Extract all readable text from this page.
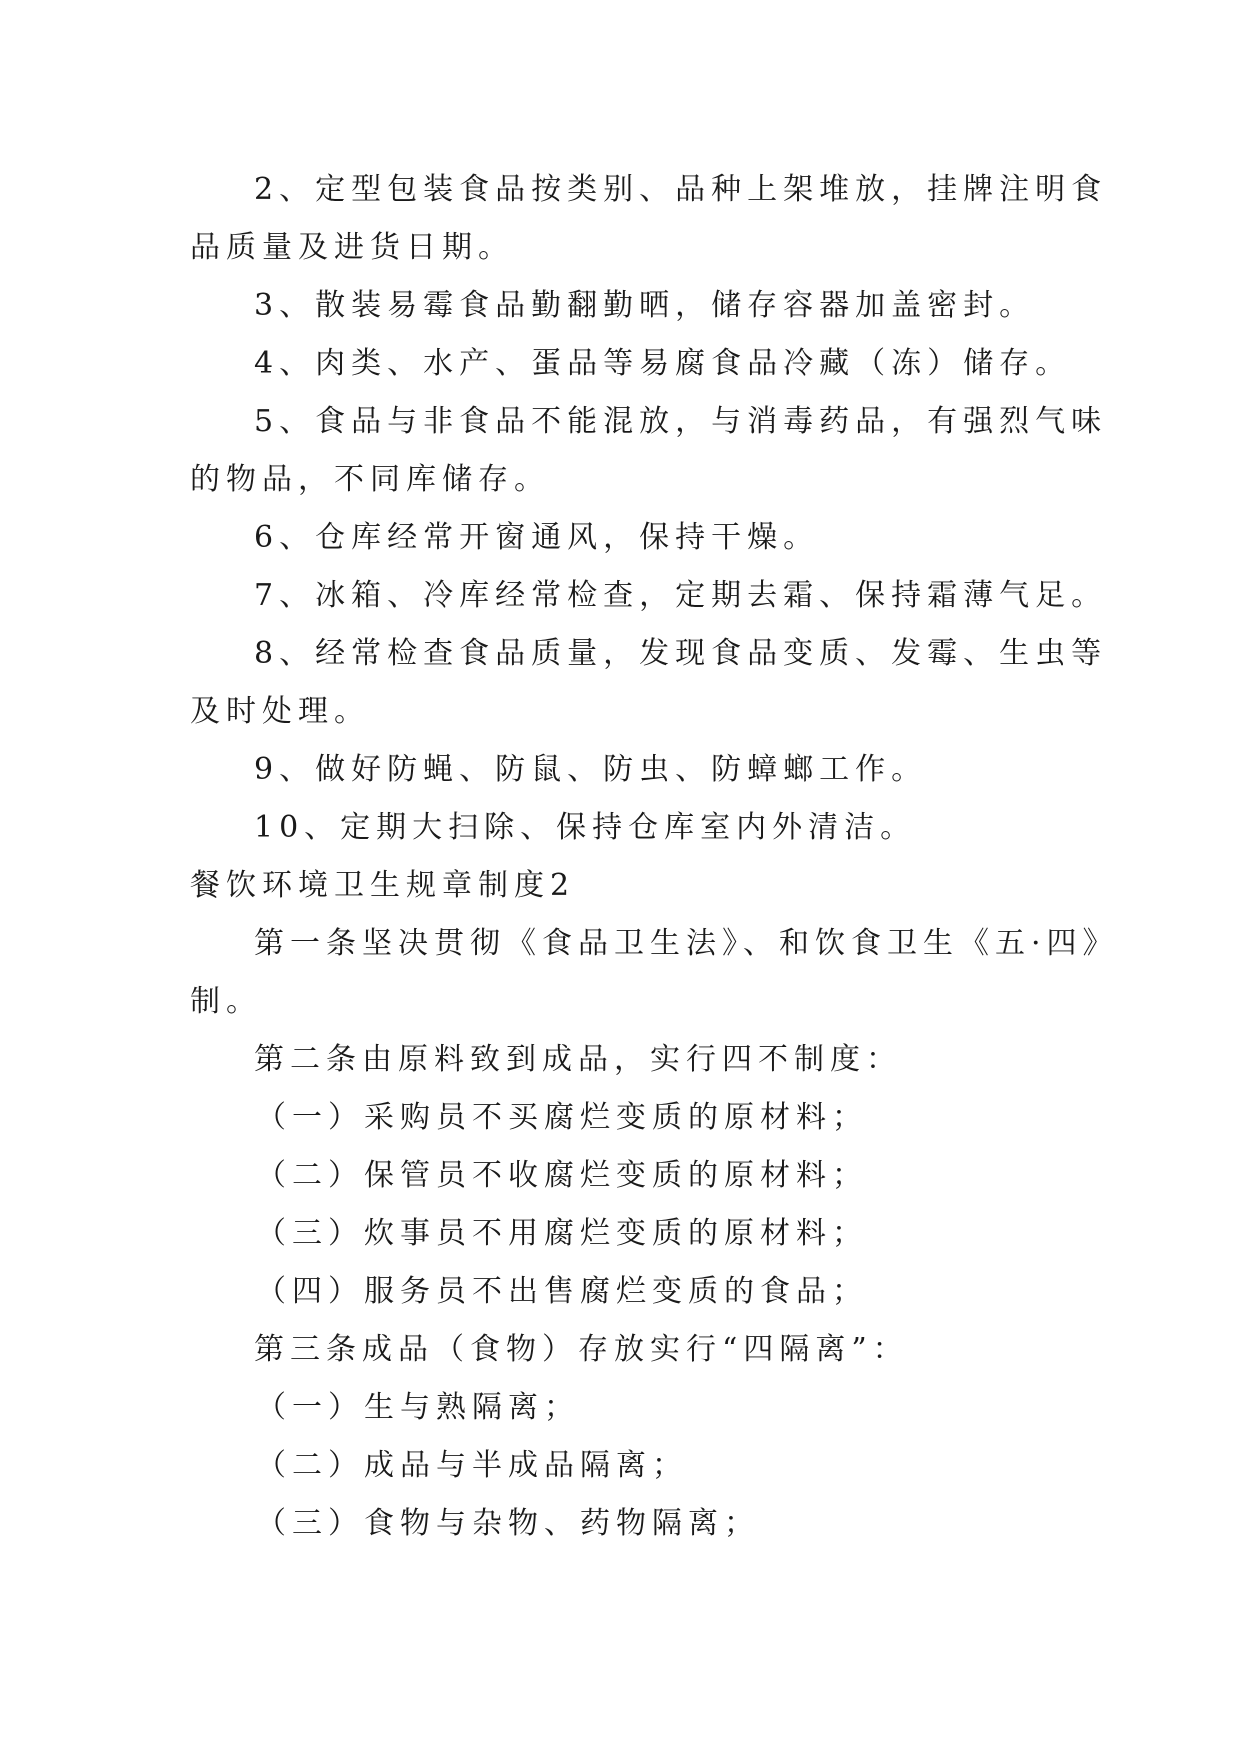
2、定型包装食品按类别、品种上架堆放，挂牌注明食

品质量及进货日期。

3、散装易霉食品勤翻勤晒，储存容器加盖密封。

4、肉类、水产、蛋品等易腐食品冷藏（冻）储存。

5、食品与非食品不能混放，与消毒药品，有强烈气味

的物品，不同库储存。

6、仓库经常开窗通风，保持干燥。

7、冰箱、冷库经常检查，定期去霜、保持霜薄气足。

8、经常检查食品质量，发现食品变质、发霉、生虫等

及时处理。

9、做好防蝇、防鼠、防虫、防蟑螂工作。

10、定期大扫除、保持仓库室内外清洁。

餐饮环境卫生规章制度2

第一条坚决贯彻《食品卫生法》、和饮食卫生《五·四》

制。

第二条由原料致到成品，实行四不制度：

（一）采购员不买腐烂变质的原材料；

（二）保管员不收腐烂变质的原材料；

（三）炊事员不用腐烂变质的原材料；

（四）服务员不出售腐烂变质的食品；

第三条成品（食物）存放实行“四隔离”：

（一）生与熟隔离；

（二）成品与半成品隔离；

（三）食物与杂物、药物隔离；
